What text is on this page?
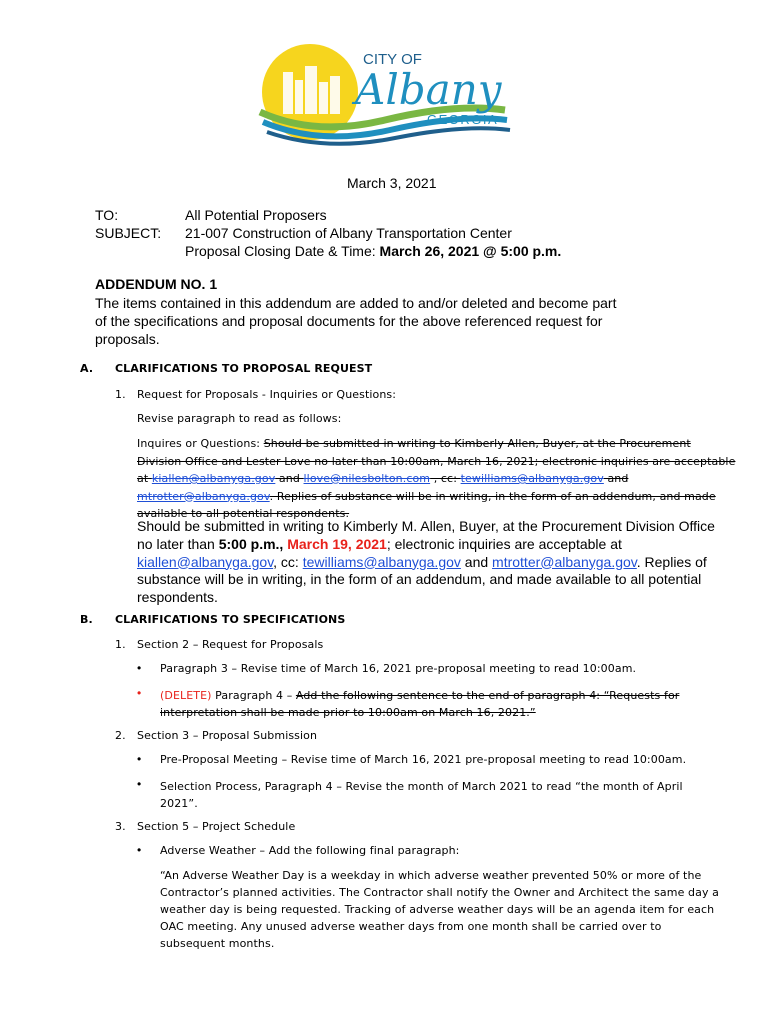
CITY OF
Albany
GEORGIA
March 3, 2021
TO:	All Potential Proposers
SUBJECT: 21-007 Construction of Albany Transportation Center
Proposal Closing Date & Time: March 26, 2021 @ 5:00 p.m.
ADDENDUM NO. 1
The items contained in this addendum are added to and/or deleted and become part of the specifications and proposal documents for the above referenced request for proposals.
A. CLARIFICATIONS TO PROPOSAL REQUEST
1. Request for Proposals - Inquiries or Questions:
Revise paragraph to read as follows:
Inquires or Questions: Should be submitted in writing to Kimberly Allen, Buyer, at the Procurement Division Office and Lester Love no later than 10:00am, March 16, 2021; electronic inquiries are acceptable at kiallen@albanyga.gov and llove@nilesbolton.com , cc: tewilliams@albanyga.gov and mtrotter@albanyga.gov. Replies of substance will be in writing, in the form of an addendum, and made available to all potential respondents.
Should be submitted in writing to Kimberly M. Allen, Buyer, at the Procurement Division Office no later than 5:00 p.m., March 19, 2021; electronic inquiries are acceptable at kiallen@albanyga.gov, cc: tewilliams@albanyga.gov and mtrotter@albanyga.gov. Replies of substance will be in writing, in the form of an addendum, and made available to all potential respondents.
B. CLARIFICATIONS TO SPECIFICATIONS
1. Section 2 – Request for Proposals
• Paragraph 3 – Revise time of March 16, 2021 pre-proposal meeting to read 10:00am.
• (DELETE) Paragraph 4 – Add the following sentence to the end of paragraph 4: “Requests for interpretation shall be made prior to 10:00am on March 16, 2021.”
2. Section 3 – Proposal Submission
• Pre-Proposal Meeting – Revise time of March 16, 2021 pre-proposal meeting to read 10:00am.
• Selection Process, Paragraph 4 – Revise the month of March 2021 to read “the month of April 2021”.
3. Section 5 – Project Schedule
• Adverse Weather – Add the following final paragraph:
“An Adverse Weather Day is a weekday in which adverse weather prevented 50% or more of the Contractor’s planned activities. The Contractor shall notify the Owner and Architect the same day a weather day is being requested. Tracking of adverse weather days will be an agenda item for each OAC meeting. Any unused adverse weather days from one month shall be carried over to subsequent months.
